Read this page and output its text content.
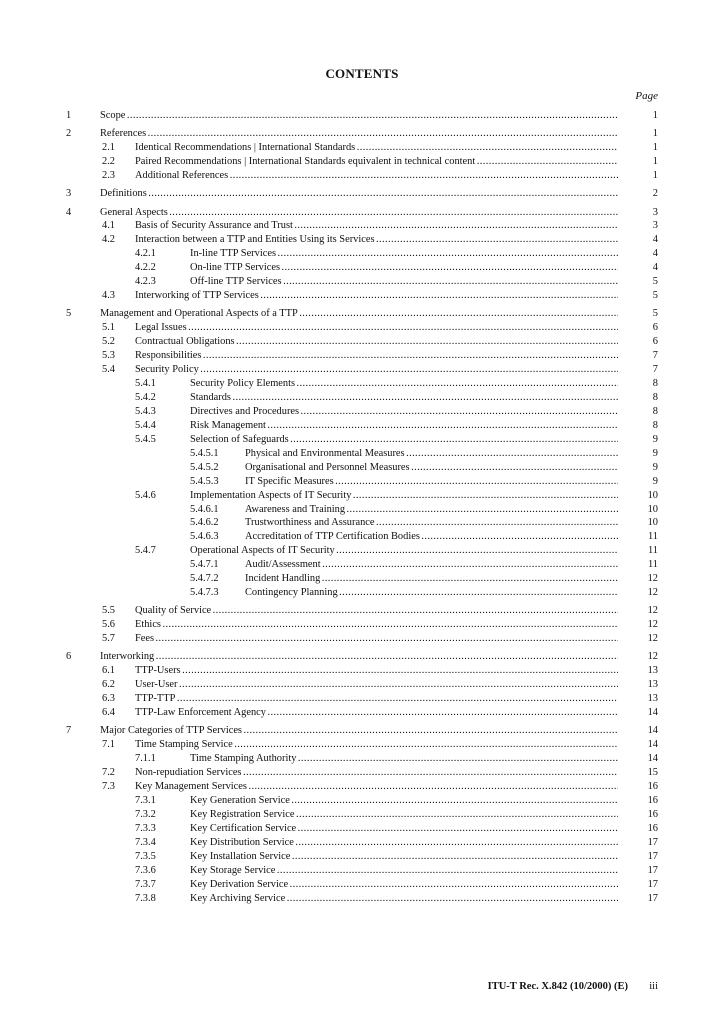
CONTENTS
Page
1	Scope . . .	1
2	References . . .	1
2.1 Identical Recommendations | International Standards . . .	1
2.2 Paired Recommendations | International Standards equivalent in technical content . . .	1
2.3 Additional References . . .	1
3	Definitions . . .	2
4	General Aspects . . .	3
4.1 Basis of Security Assurance and Trust . . .	3
4.2 Interaction between a TTP and Entities Using its Services . . .	4
4.2.1	In-line TTP Services . . .	4
4.2.2	On-line TTP Services . . .	4
4.2.3	Off-line TTP Services . . .	5
4.3 Interworking of TTP Services . . .	5
5	Management and Operational Aspects of a TTP . . .	5
5.1 Legal Issues . . .	6
5.2 Contractual Obligations . . .	6
5.3 Responsibilities . . .	7
5.4 Security Policy . . .	7
5.4.1	Security Policy Elements . . .	8
5.4.2	Standards . . .	8
5.4.3	Directives and Procedures . . .	8
5.4.4	Risk Management . . .	8
5.4.5	Selection of Safeguards . . .	9
5.4.5.1	Physical and Environmental Measures . . .	9
5.4.5.2	Organisational and Personnel Measures . . .	9
5.4.5.3	IT Specific Measures . . .	9
5.4.6	Implementation Aspects of IT Security . . .	10
5.4.6.1	Awareness and Training . . .	10
5.4.6.2	Trustworthiness and Assurance . . .	10
5.4.6.3	Accreditation of TTP Certification Bodies . . .	11
5.4.7	Operational Aspects of IT Security . . .	11
5.4.7.1	Audit/Assessment . . .	11
5.4.7.2	Incident Handling . . .	12
5.4.7.3	Contingency Planning . . .	12
5.5 Quality of Service . . .	12
5.6 Ethics . . .	12
5.7 Fees . . .	12
6	Interworking . . .	12
6.1 TTP-Users . . .	13
6.2 User-User . . .	13
6.3 TTP-TTP . . .	13
6.4 TTP-Law Enforcement Agency . . .	14
7	Major Categories of TTP Services . . .	14
7.1 Time Stamping Service . . .	14
7.1.1	Time Stamping Authority . . .	14
7.2 Non-repudiation Services . . .	15
7.3 Key Management Services . . .	16
7.3.1	Key Generation Service . . .	16
7.3.2	Key Registration Service . . .	16
7.3.3	Key Certification Service . . .	16
7.3.4	Key Distribution Service . . .	17
7.3.5	Key Installation Service . . .	17
7.3.6	Key Storage Service . . .	17
7.3.7	Key Derivation Service . . .	17
7.3.8	Key Archiving Service . . .	17
ITU-T Rec. X.842 (10/2000) (E) iii
